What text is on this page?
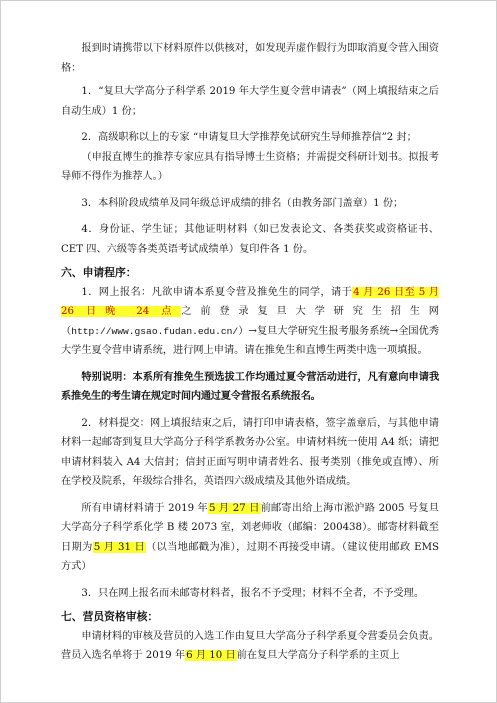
报到时请携带以下材料原件以供核对，如发现弄虚作假行为即取消夏令营入围资格：

1．“复旦大学高分子科学系 2019 年大学生夏令营申请表”（网上填报结束之后自动生成）1 份；

2．高级职称以上的专家 “申请复旦大学推荐免试研究生导师推荐信”2 封；

（申报直博生的推荐专家应具有指导博士生资格；并需提交科研计划书。拟报考导师不得作为推荐人。）

3．本科阶段成绩单及同年级总评成绩的排名（由教务部门盖章）1 份；

4．身份证、学生证；其他证明材料（如已发表论文、各类获奖或资格证书、CET 四、六级等各类英语考试成绩单）复印件各 1 份。

六、申请程序：

1．网上报名：凡欲申请本系夏令营及推免生的同学，请于4 月 26 日至 5 月 26 日晚 24 点之前登录复旦大学研究生招生网（http://www.gsao.fudan.edu.cn/）→复旦大学研究生报考服务系统→全国优秀大学生夏令营申请系统，进行网上申请。请在推免生和直博生两类中选一项填报。

特别说明：本系所有推免生预选拔工作均通过夏令营活动进行，凡有意向申请我系推免生的考生请在规定时间内通过夏令营报名系统报名。

2．材料提交：网上填报结束之后，请打印申请表格，签字盖章后，与其他申请材料一起邮寄到复旦大学高分子科学系教务办公室。申请材料统一使用 A4 纸；请把申请材料装入 A4 大信封；信封正面写明申请者姓名、报考类别（推免或直博）、所在学校及院系，年级综合排名，英语四六级成绩及其他外语成绩。

所有申请材料请于 2019 年5 月 27 日前邮寄出给上海市淞沪路 2005 号复旦大学高分子科学系化学 B 楼 2073 室，刘老师收（邮编：200438）。邮寄材料截至日期为5 月 31 日（以当地邮戳为准），过期不再接受申请。（建议使用邮政 EMS 方式）

3．只在网上报名而未邮寄材料者，报名不予受理；材料不全者，不予受理。

七、营员资格审核：

申请材料的审核及营员的入选工作由复旦大学高分子科学系夏令营委员会负责。营员入选名单将于 2019 年6 月 10 日前在复旦大学高分子科学系的主页上
